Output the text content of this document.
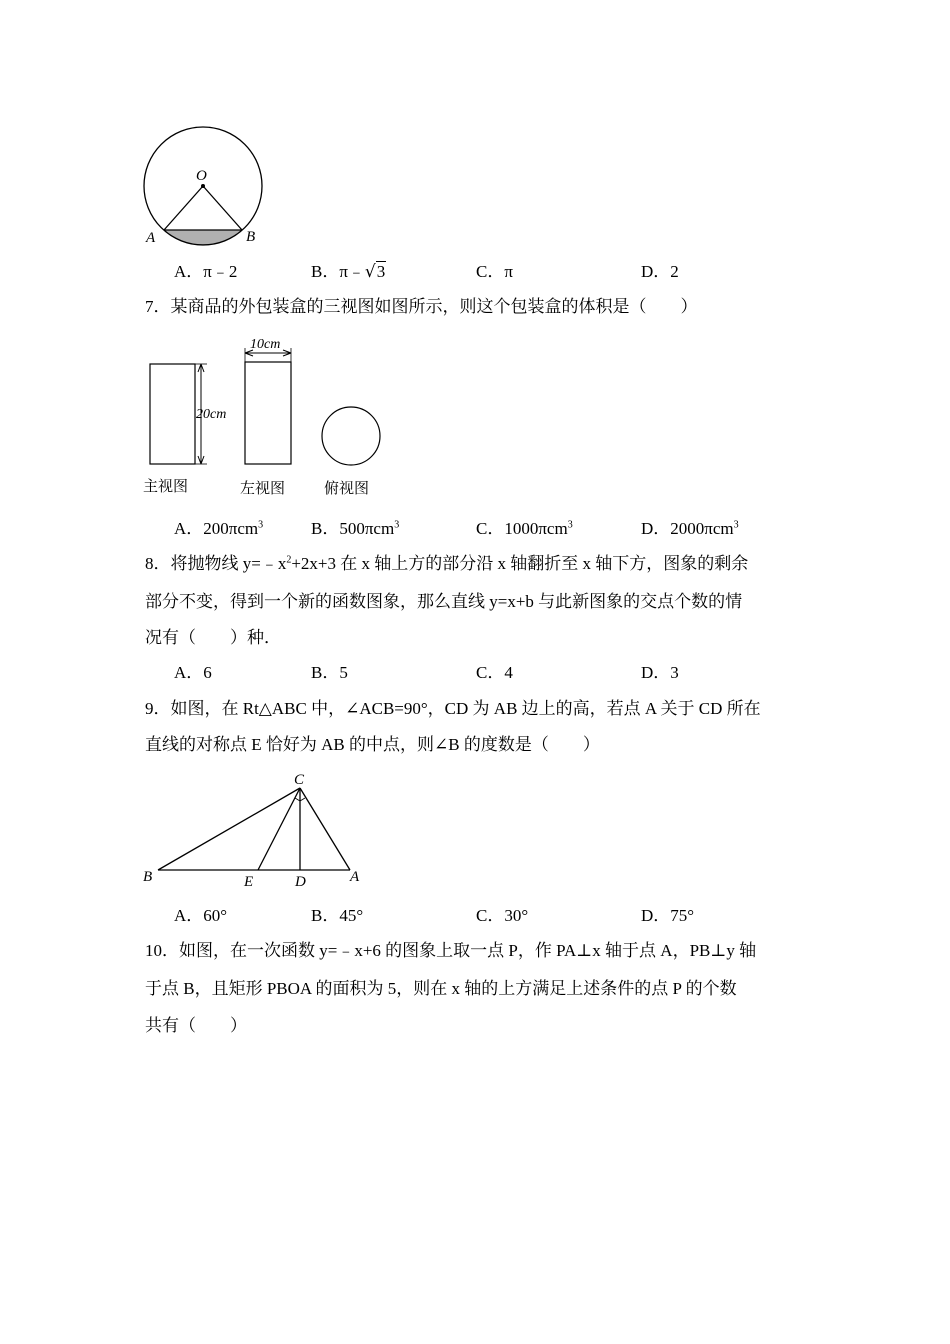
O
A	B
A．π﹣2	B．π﹣√3	C．π	D．2
7．某商品的外包装盒的三视图如图所示，则这个包装盒的体积是（　　）
20cm
10cm
主视图	左视图	俯视图
A．200πcm$^3$	B．500πcm$^3$	C．1000πcm$^3$	D．2000πcm$^3$
8．将抛物线 $y=﹣x^2+2x+3$ 在 x 轴上方的部分沿 x 轴翻折至 x 轴下方，图象的剩余
部分不变，得到一个新的函数图象，那么直线 y=x+b 与此新图象的交点个数的情
况有（　　）种．
A．6	B．5	C．4	D．3
9．如图，在 Rt△ABC 中，∠ACB=90°，CD 为 AB 边上的高，若点 A 关于 CD 所在
直线的对称点 E 恰好为 AB 的中点，则∠B 的度数是（　　）
C
B	E	D	A
A．60°	B．45°	C．30°	D．75°
10．如图，在一次函数 y=﹣x+6 的图象上取一点 P，作 PA⊥x 轴于点 A，PB⊥y 轴
于点 B，且矩形 PBOA 的面积为 5，则在 x 轴的上方满足上述条件的点 P 的个数
共有（　　）
